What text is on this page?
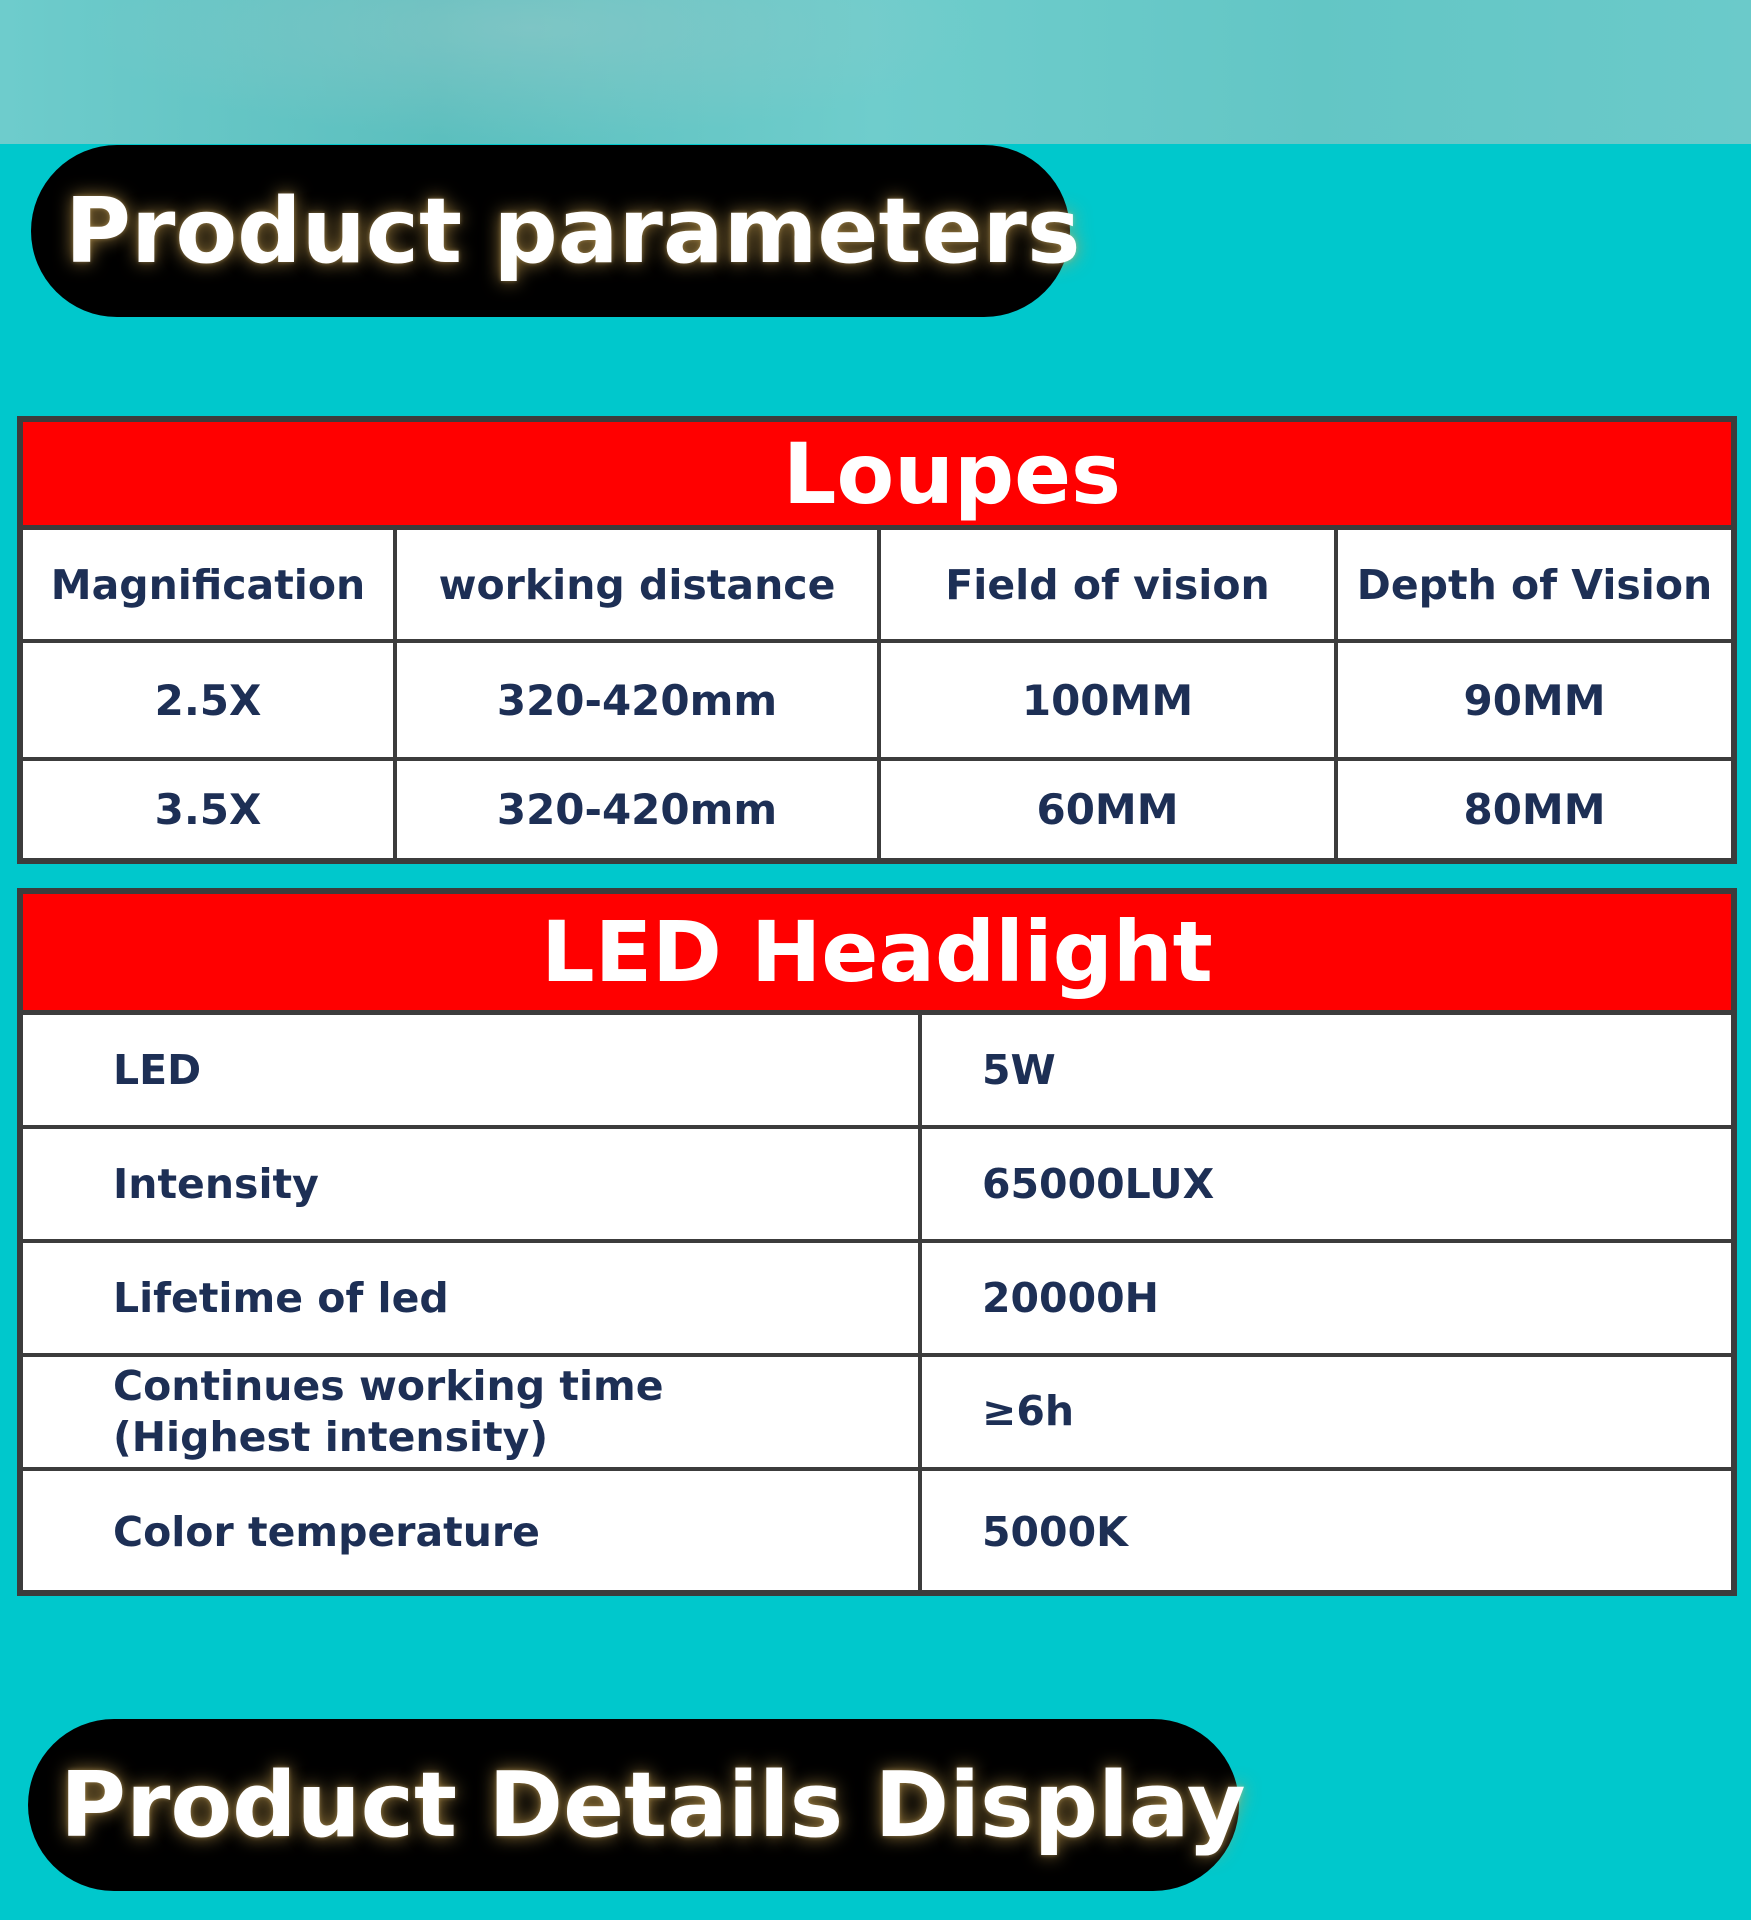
Product parameters
Loupes
Magnification	working distance	Field of vision	Depth of Vision
2.5X	320-420mm	100MM	90MM
3.5X	320-420mm	60MM	80MM
LED Headlight
LED	5W
Intensity	65000LUX
Lifetime of led	20000H

Continues working time
(Highest intensity)	≥6h
Color temperature	5000K
Product Details Display
